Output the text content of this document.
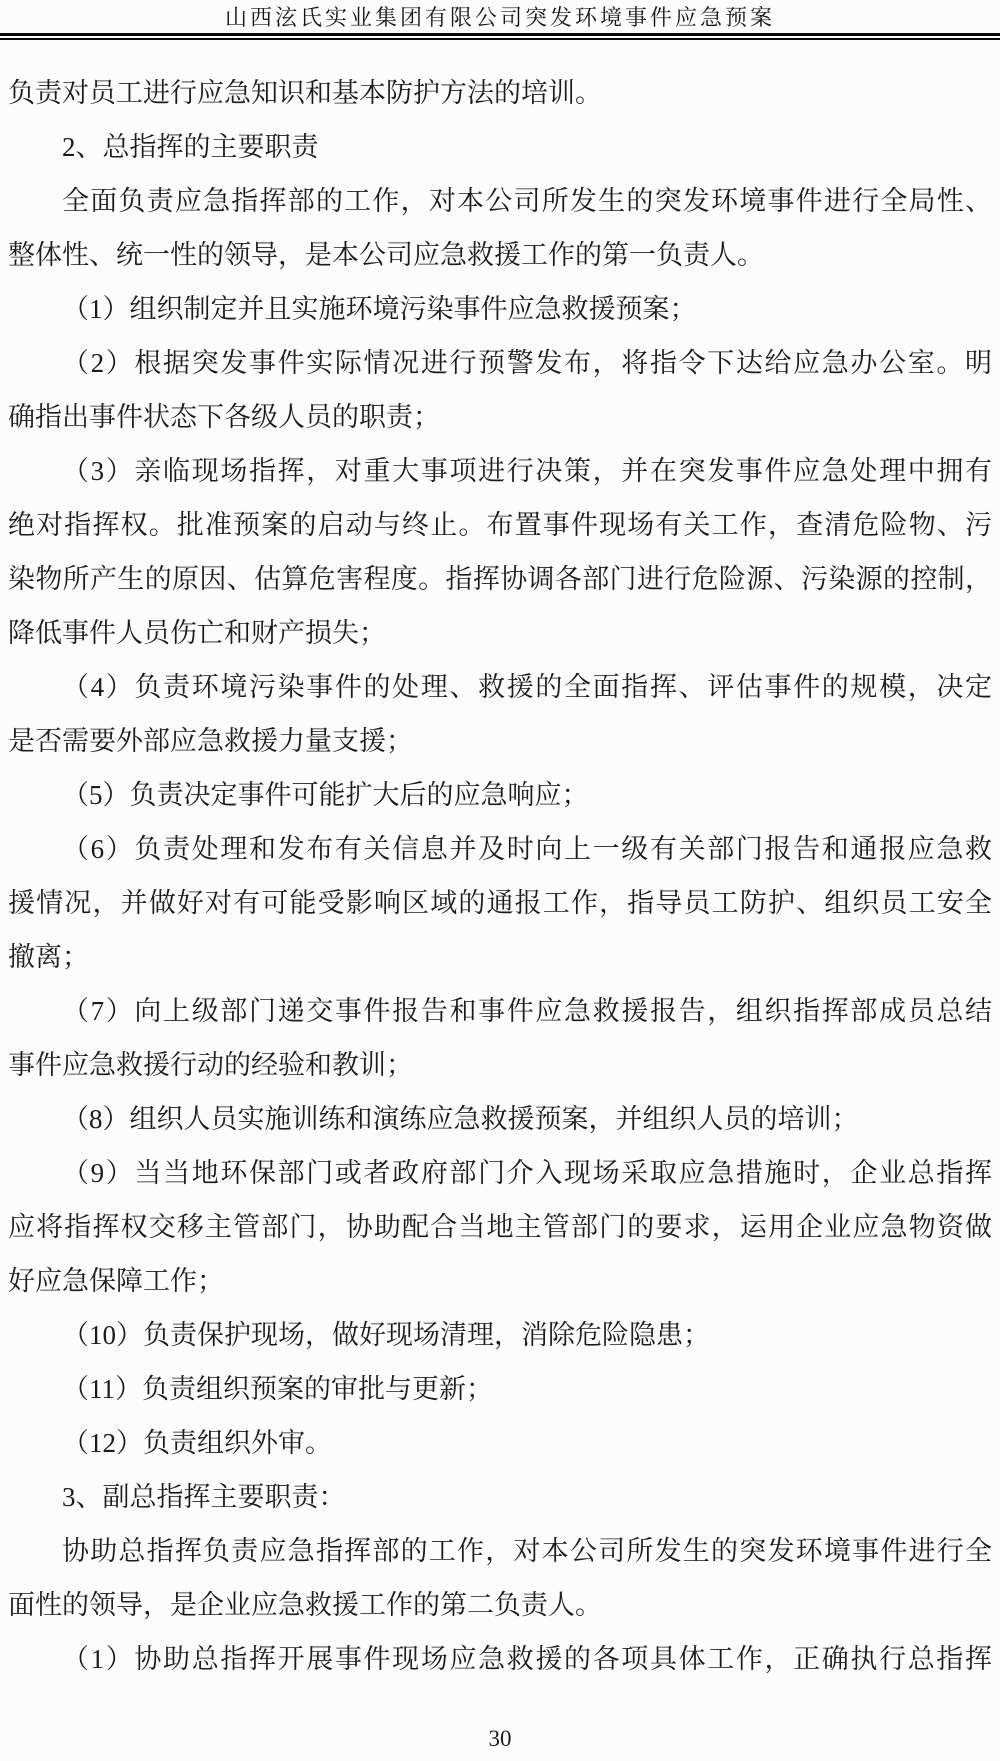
山西泫氏实业集团有限公司突发环境事件应急预案
负责对员工进行应急知识和基本防护方法的培训。
2、总指挥的主要职责
全面负责应急指挥部的工作，对本公司所发生的突发环境事件进行全局性、
整体性、统一性的领导，是本公司应急救援工作的第一负责人。
（1）组织制定并且实施环境污染事件应急救援预案；
（2）根据突发事件实际情况进行预警发布，将指令下达给应急办公室。明
确指出事件状态下各级人员的职责；
（3）亲临现场指挥，对重大事项进行决策，并在突发事件应急处理中拥有
绝对指挥权。批准预案的启动与终止。布置事件现场有关工作，查清危险物、污
染物所产生的原因、估算危害程度。指挥协调各部门进行危险源、污染源的控制，
降低事件人员伤亡和财产损失；
（4）负责环境污染事件的处理、救援的全面指挥、评估事件的规模，决定
是否需要外部应急救援力量支援；
（5）负责决定事件可能扩大后的应急响应；
（6）负责处理和发布有关信息并及时向上一级有关部门报告和通报应急救
援情况，并做好对有可能受影响区域的通报工作，指导员工防护、组织员工安全
撤离；
（7）向上级部门递交事件报告和事件应急救援报告，组织指挥部成员总结
事件应急救援行动的经验和教训；
（8）组织人员实施训练和演练应急救援预案，并组织人员的培训；
（9）当当地环保部门或者政府部门介入现场采取应急措施时，企业总指挥
应将指挥权交移主管部门，协助配合当地主管部门的要求，运用企业应急物资做
好应急保障工作；
（10）负责保护现场，做好现场清理，消除危险隐患；
（11）负责组织预案的审批与更新；
（12）负责组织外审。
3、副总指挥主要职责：
协助总指挥负责应急指挥部的工作，对本公司所发生的突发环境事件进行全
面性的领导，是企业应急救援工作的第二负责人。
（1）协助总指挥开展事件现场应急救援的各项具体工作，正确执行总指挥
30
